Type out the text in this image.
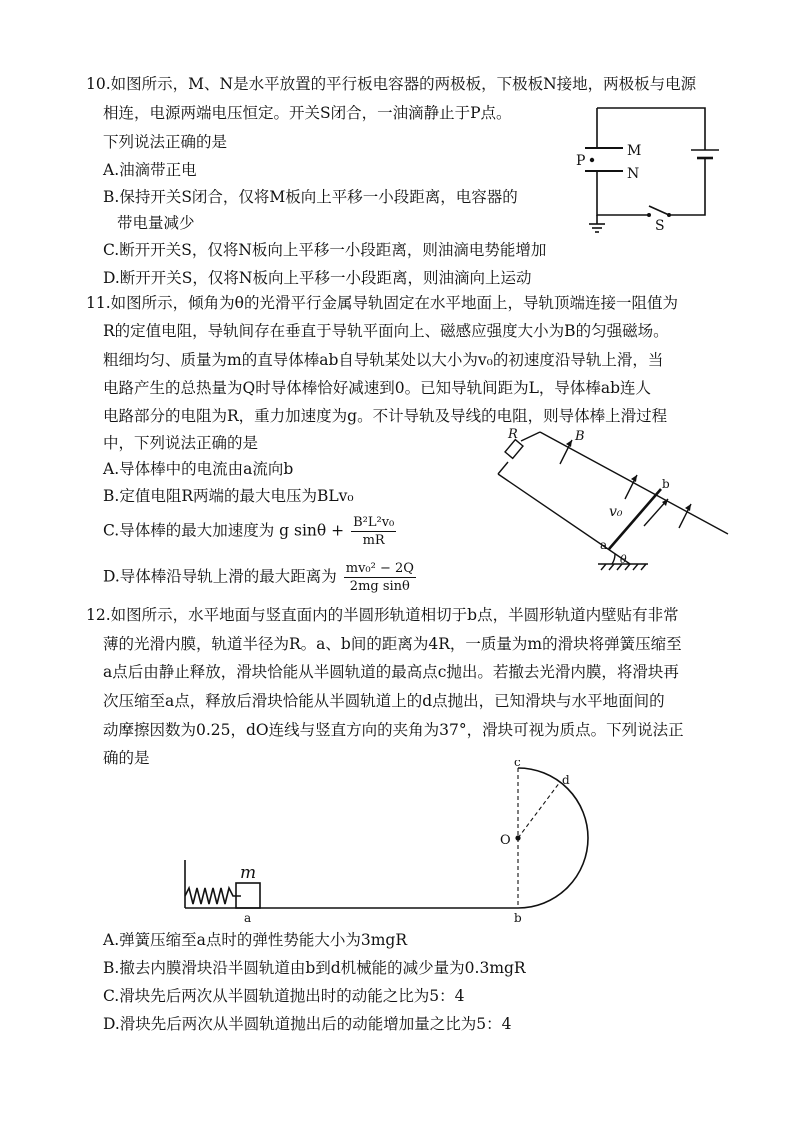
10.如图所示，M、N是水平放置的平行板电容器的两极板，下极板N接地，两极板与电源
相连，电源两端电压恒定。开关S闭合，一油滴静止于P点。
下列说法正确的是
A.油滴带正电
B.保持开关S闭合，仅将M板向上平移一小段距离，电容器的
带电量减少
C.断开开关S，仅将N板向上平移一小段距离，则油滴电势能增加
D.断开开关S，仅将N板向上平移一小段距离，则油滴向上运动
M
N
P
S
11.如图所示，倾角为θ的光滑平行金属导轨固定在水平地面上，导轨顶端连接一阻值为
R的定值电阻，导轨间存在垂直于导轨平面向上、磁感应强度大小为B的匀强磁场。
粗细均匀、质量为m的直导体棒ab自导轨某处以大小为v₀的初速度沿导轨上滑，当
电路产生的总热量为Q时导体棒恰好减速到0。已知导轨间距为L，导体棒ab连人
电路部分的电阻为R，重力加速度为g。不计导轨及导线的电阻，则导体棒上滑过程
中，下列说法正确的是
A.导体棒中的电流由a流向b
B.定值电阻R两端的最大电压为BLv₀
C.导体棒的最大加速度为 g $\sin\theta + \frac{\text{B²L²v₀}}{mR}$
D.导体棒沿导轨上滑的最大距离为 $\frac{\text{mv₀² − 2Q}}{\text{2mg sinθ}}$
R	B
v₀
a
b
θ
12.如图所示，水平地面与竖直面内的半圆形轨道相切于b点，半圆形轨道内壁贴有非常
薄的光滑内膜，轨道半径为R。a、b间的距离为4R，一质量为m的滑块将弹簧压缩至
a点后由静止释放，滑块恰能从半圆轨道的最高点c抛出。若撤去光滑内膜，将滑块再
次压缩至a点，释放后滑块恰能从半圆轨道上的d点抛出，已知滑块与水平地面间的
动摩擦因数为0.25，dO连线与竖直方向的夹角为37°，滑块可视为质点。下列说法正
确的是
m
a	b
c
d
O
A.弹簧压缩至a点时的弹性势能大小为3mgR
B.撤去内膜滑块沿半圆轨道由b到d机械能的减少量为0.3mgR
C.滑块先后两次从半圆轨道抛出时的动能之比为5：4
D.滑块先后两次从半圆轨道抛出后的动能增加量之比为5：4
